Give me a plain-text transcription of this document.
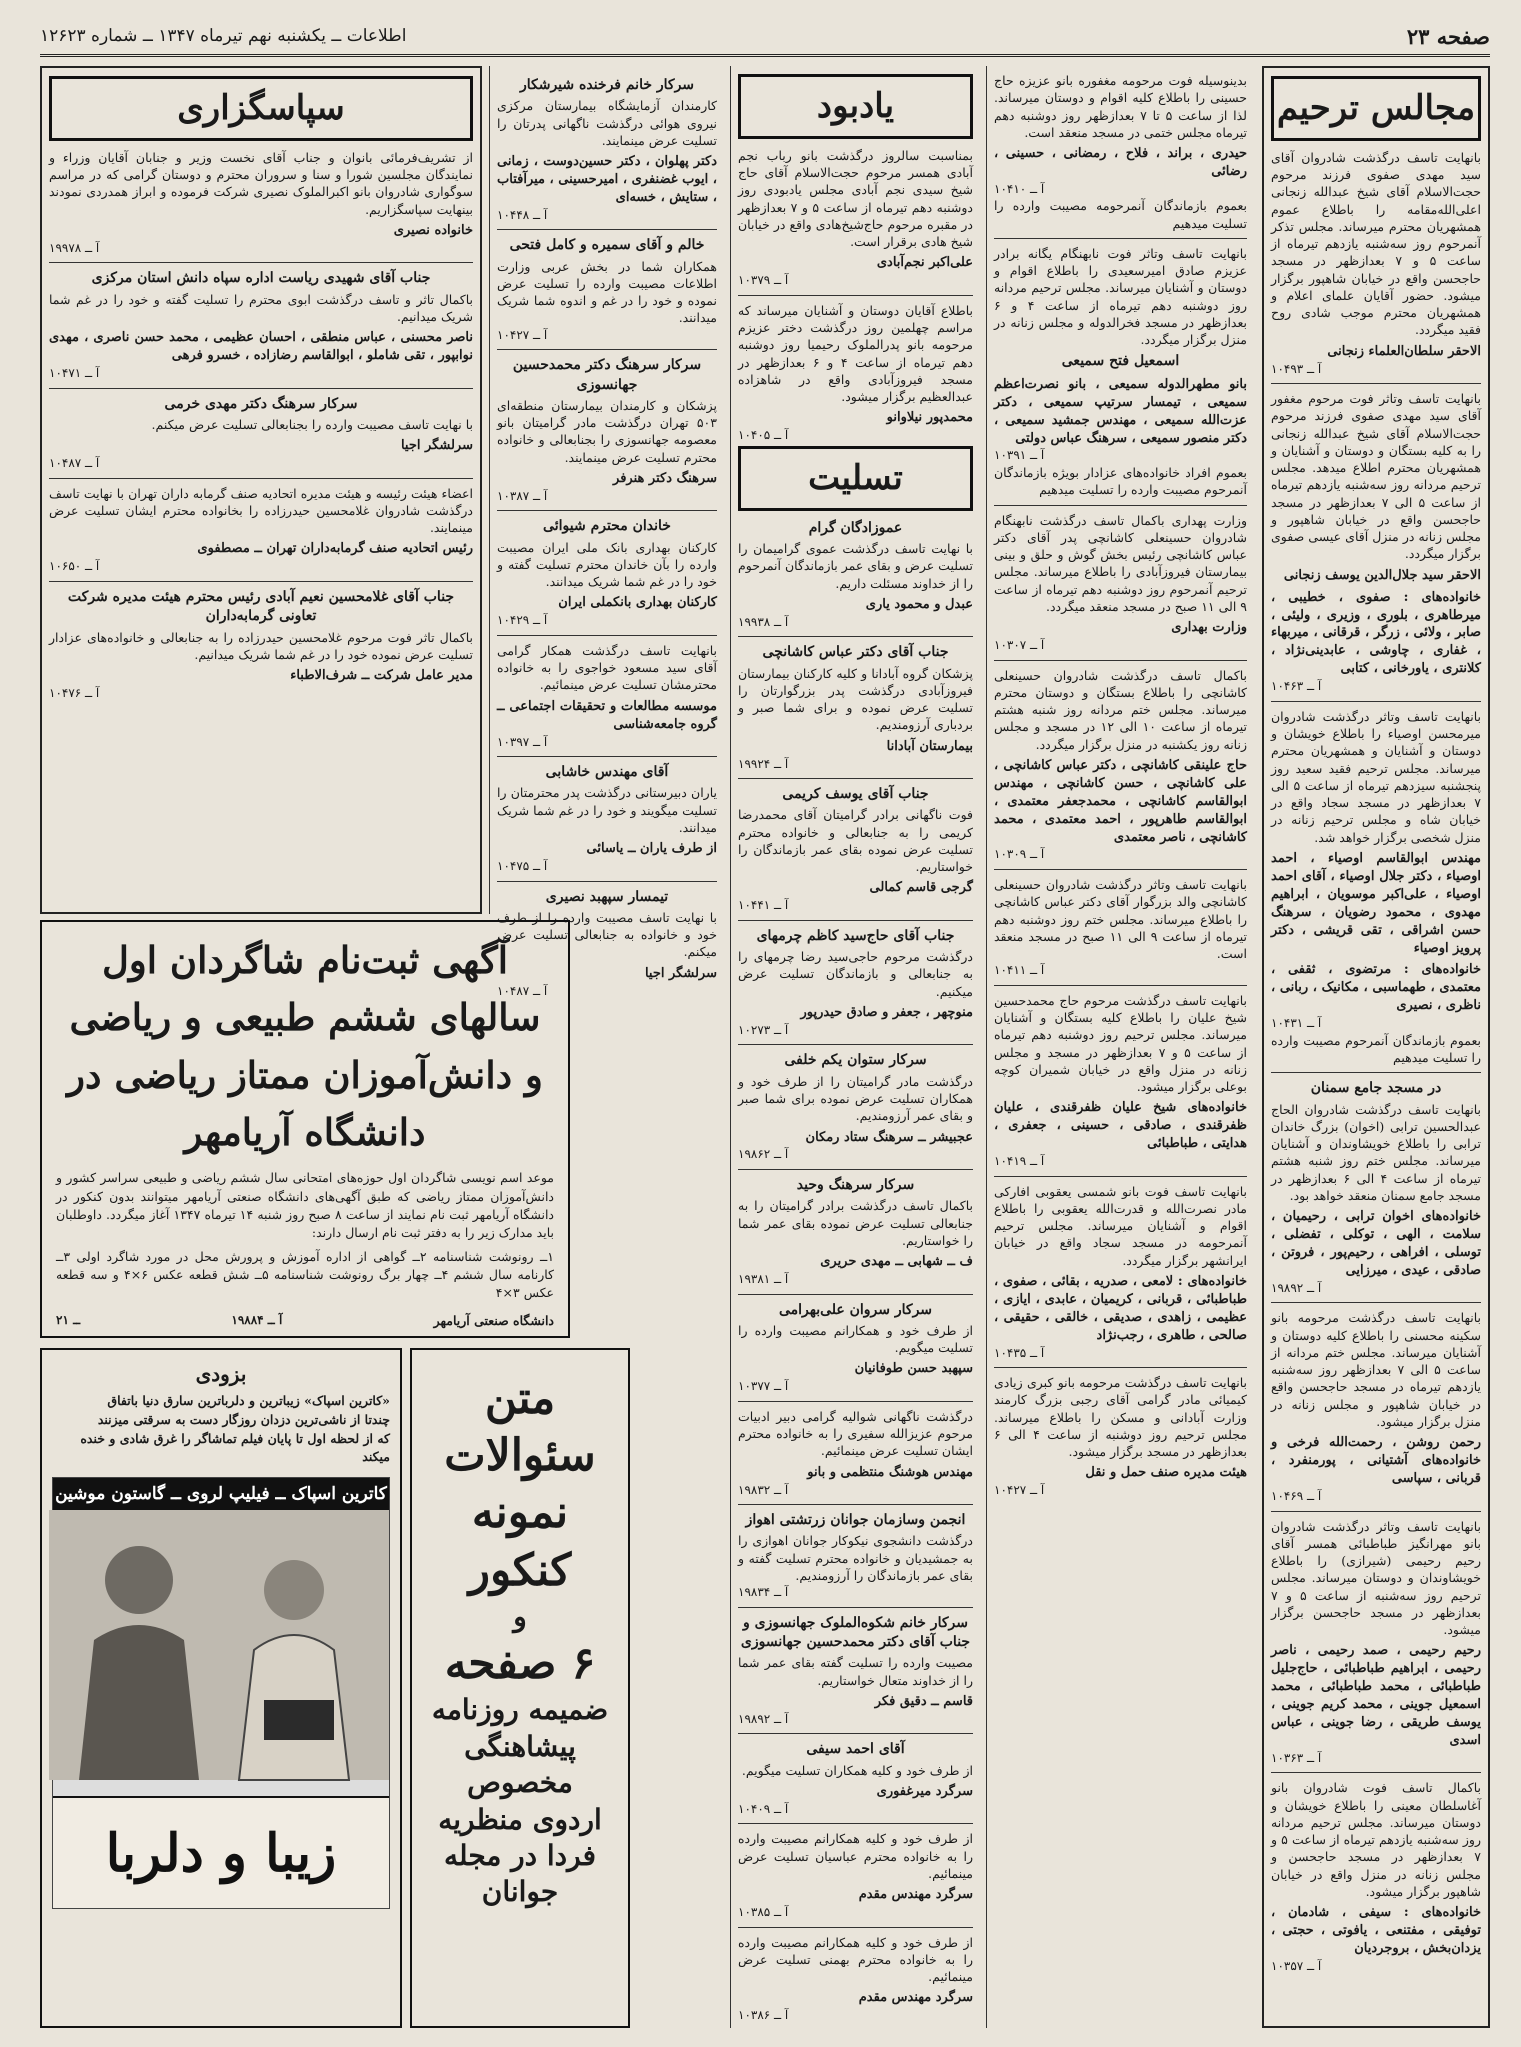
صفحه ۲۳
اطلاعات ــ یکشنبه نهم تیرماه ۱۳۴۷ ــ شماره ۱۲۶۲۳
مجالس ترحیم
بانهایت تاسف درگذشت شادروان آقای سید مهدی صفوی فرزند مرحوم حجت‌الاسلام آقای شیخ عبدالله زنجانی اعلی‌الله‌مقامه را باطلاع عموم همشهریان محترم میرساند. مجلس تذکر آنمرحوم روز سه‌شنبه یازدهم تیرماه از ساعت ۵ و ۷ بعدازظهر در مسجد حاجحسن واقع در خیابان شاهپور برگزار میشود. حضور آقایان علمای اعلام و همشهریان محترم موجب شادی روح فقید میگردد.
الاحقر سلطان‌العلماء زنجانی
آ ــ ۱۰۴۹۳
بانهایت تاسف وتاثر فوت مرحوم مغفور آقای سید مهدی صفوی فرزند مرحوم حجت‌الاسلام آقای شیخ عبدالله زنجانی را به کلیه بستگان و دوستان و آشنایان و همشهریان محترم اطلاع میدهد. مجلس ترحیم مردانه روز سه‌شنبه یازدهم تیرماه از ساعت ۵ الی ۷ بعدازظهر در مسجد حاجحسن واقع در خیابان شاهپور و مجلس زنانه در منزل آقای عیسی صفوی برگزار میگردد.
الاحقر سید جلال‌الدین یوسف زنجانی
خانواده‌های : صفوی ، خطیبی ، میرطاهری ، بلوری ، وزیری ، ولیئی ، صابر ، ولائی ، زرگر ، قرقانی ، میربهاء ، غفاری ، چاوشی ، عابدینی‌نژاد ، کلانتری ، یاورخانی ، کتابی
آ ــ ۱۰۴۶۳
بانهایت تاسف وتاثر درگذشت شادروان میرمحسن اوصیاء را باطلاع خویشان و دوستان و آشنایان و همشهریان محترم میرساند. مجلس ترحیم فقید سعید روز پنجشنبه سیزدهم تیرماه از ساعت ۵ الی ۷ بعدازظهر در مسجد سجاد واقع در خیابان شاه و مجلس ترحیم زنانه در منزل شخصی برگزار خواهد شد.
مهندس ابوالقاسم اوصیاء ، احمد اوصیاء ، دکتر جلال اوصیاء ، آقای احمد اوصیاء ، علی‌اکبر موسویان ، ابراهیم مهدوی ، محمود رضویان ، سرهنگ حسن اشراقی ، تقی قریشی ، دکتر پرویز اوصیاء
خانواده‌های : مرتضوی ، ثقفی ، معتمدی ، طهماسبی ، مکانیک ، ربانی ، ناظری ، نصیری
آ ــ ۱۰۴۳۱
بعموم بازماندگان آنمرحوم مصیبت وارده را تسلیت میدهیم
در مسجد جامع سمنان
بانهایت تاسف درگذشت شادروان الحاج عبدالحسین ترابی (اخوان) بزرگ خاندان ترابی را باطلاع خویشاوندان و آشنایان میرساند. مجلس ختم روز شنبه هشتم تیرماه از ساعت ۴ الی ۶ بعدازظهر در مسجد جامع سمنان منعقد خواهد بود.
خانواده‌های اخوان ترابی ، رحیمیان ، سلامت ، الهی ، توکلی ، تفضلی ، توسلی ، افراهی ، رحیم‌پور ، فروتن ، صادقی ، عیدی ، میرزایی
آ ــ ۱۹۸۹۲
بانهایت تاسف درگذشت مرحومه بانو سکینه محسنی را باطلاع کلیه دوستان و آشنایان میرساند. مجلس ختم مردانه از ساعت ۵ الی ۷ بعدازظهر روز سه‌شنبه یازدهم تیرماه در مسجد حاجحسن واقع در خیابان شاهپور و مجلس زنانه در منزل برگزار میشود.
رحمن روشن ، رحمت‌الله فرخی و خانواده‌های آشتیانی ، پورمنفرد ، قربانی ، سپاسی
آ ــ ۱۰۴۶۹
بانهایت تاسف وتاثر درگذشت شادروان بانو مهرانگیز طباطبائی همسر آقای رحیم رحیمی (شیرازی) را باطلاع خویشاوندان و دوستان میرساند. مجلس ترحیم روز سه‌شنبه از ساعت ۵ و ۷ بعدازظهر در مسجد حاجحسن برگزار میشود.
رحیم رحیمی ، صمد رحیمی ، ناصر رحیمی ، ابراهیم طباطبائی ، حاج‌جلیل طباطبائی ، محمد طباطبائی ، محمد اسمعیل جوینی ، محمد کریم جوینی ، یوسف طریقی ، رضا جوینی ، عباس اسدی
آ ــ ۱۰۳۶۳
باکمال تاسف فوت شادروان بانو آغاسلطان معینی را باطلاع خویشان و دوستان میرساند. مجلس ترحیم مردانه روز سه‌شنبه یازدهم تیرماه از ساعت ۵ و ۷ بعدازظهر در مسجد حاجحسن و مجلس زنانه در منزل واقع در خیابان شاهپور برگزار میشود.
خانواده‌های : سیفی ، شادمان ، توفیقی ، مفتنعی ، یافوتی ، حجتی ، یزدان‌بخش ، بروجردیان
آ ــ ۱۰۳۵۷
بدینوسیله فوت مرحومه مغفوره بانو عزیزه حاج حسینی را باطلاع کلیه اقوام و دوستان میرساند. لذا از ساعت ۵ تا ۷ بعدازظهر روز دوشنبه دهم تیرماه مجلس ختمی در مسجد منعقد است.
حیدری ، براند ، فلاح ، رمضانی ، حسینی ، رضائی
آ ــ ۱۰۴۱۰
بعموم بازماندگان آنمرحومه مصیبت وارده را تسلیت میدهیم
بانهایت تاسف وتاثر فوت نابهنگام یگانه برادر عزیزم صادق امیرسعیدی را باطلاع اقوام و دوستان و آشنایان میرساند. مجلس ترحیم مردانه روز دوشنبه دهم تیرماه از ساعت ۴ و ۶ بعدازظهر در مسجد فخرالدوله و مجلس زنانه در منزل برگزار میگردد.
اسمعیل فتح سمیعی
بانو مطهرالدوله سمیعی ، بانو نصرت‌اعظم سمیعی ، تیمسار سرتیپ سمیعی ، دکتر عزت‌الله سمیعی ، مهندس جمشید سمیعی ، دکتر منصور سمیعی ، سرهنگ عباس دولتی
آ ــ ۱۰۳۹۱
بعموم افراد خانواده‌های عزادار بویژه بازماندگان آنمرحوم مصیبت وارده را تسلیت میدهیم
وزارت پهداری باکمال تاسف درگذشت نابهنگام شادروان حسینعلی کاشانچی پدر آقای دکتر عباس کاشانچی رئیس بخش گوش و حلق و بینی بیمارستان فیروزآبادی را باطلاع میرساند. مجلس ترحیم آنمرحوم روز دوشنبه دهم تیرماه از ساعت ۹ الی ۱۱ صبح در مسجد منعقد میگردد.
وزارت بهداری
آ ــ ۱۰۳۰۷
باکمال تاسف درگذشت شادروان حسینعلی کاشانچی را باطلاع بستگان و دوستان محترم میرساند. مجلس ختم مردانه روز شنبه هشتم تیرماه از ساعت ۱۰ الی ۱۲ در مسجد و مجلس زنانه روز یکشنبه در منزل برگزار میگردد.
حاج علینقی کاشانچی ، دکتر عباس کاشانچی ، علی کاشانچی ، حسن کاشانچی ، مهندس ابوالقاسم کاشانچی ، محمدجعفر معتمدی ، ابوالقاسم طاهرپور ، احمد معتمدی ، محمد کاشانچی ، ناصر معتمدی
آ ــ ۱۰۳۰۹
بانهایت تاسف وتاثر درگذشت شادروان حسینعلی کاشانچی والد بزرگوار آقای دکتر عباس کاشانچی را باطلاع میرساند. مجلس ختم روز دوشنبه دهم تیرماه از ساعت ۹ الی ۱۱ صبح در مسجد منعقد است.
آ ــ ۱۰۴۱۱
بانهایت تاسف درگذشت مرحوم حاج محمدحسین شیخ علیان را باطلاع کلیه بستگان و آشنایان میرساند. مجلس ترحیم روز دوشنبه دهم تیرماه از ساعت ۵ و ۷ بعدازظهر در مسجد و مجلس زنانه در منزل واقع در خیابان شمیران کوچه بوعلی برگزار میشود.
خانواده‌های شیخ علیان ظفرقندی ، علیان ظفرقندی ، صادقی ، حسینی ، جعفری ، هدایتی ، طباطبائی
آ ــ ۱۰۴۱۹
بانهایت تاسف فوت بانو شمسی یعقوبی افارکی مادر نصرت‌الله و قدرت‌الله یعقوبی را باطلاع اقوام و آشنایان میرساند. مجلس ترحیم آنمرحومه در مسجد سجاد واقع در خیابان ایرانشهر برگزار میگردد.
خانواده‌های : لامعی ، صدریه ، بقائی ، صفوی ، طباطبائی ، قربانی ، کریمیان ، عابدی ، ایازی ، عظیمی ، زاهدی ، صدیقی ، خالقی ، حقیقی ، صالحی ، طاهری ، رجب‌نژاد
آ ــ ۱۰۴۳۵
بانهایت تاسف درگذشت مرحومه بانو کبری زیادی کیمیائی مادر گرامی آقای رجبی بزرگ کارمند وزارت آبادانی و مسکن را باطلاع میرساند. مجلس ترحیم روز دوشنبه از ساعت ۴ الی ۶ بعدازظهر در مسجد برگزار میشود.
هیئت مدیره صنف حمل و نقل
آ ــ ۱۰۴۲۷
یادبود
بمناسبت سالروز درگذشت بانو رباب نجم آبادی همسر مرحوم حجت‌الاسلام آقای حاج شیخ سیدی نجم آبادی مجلس یادبودی روز دوشنبه دهم تیرماه از ساعت ۵ و ۷ بعدازظهر در مقبره مرحوم حاج‌شیخ‌هادی واقع در خیابان شیخ هادی برقرار است.
علی‌اکبر نجم‌آبادی
آ ــ ۱۰۳۷۹
باطلاع آقایان دوستان و آشنایان میرساند که مراسم چهلمین روز درگذشت دختر عزیزم مرحومه بانو پدرالملوک رحیمیا روز دوشنبه دهم تیرماه از ساعت ۴ و ۶ بعدازظهر در مسجد فیروزآبادی واقع در شاهزاده عبدالعظیم برگزار میشود.
محمدپور نیلاوانو
آ ــ ۱۰۴۰۵
تسلیت
عموزادگان گرام
با نهایت تاسف درگذشت عموی گرامیمان را تسلیت عرض و بقای عمر بازماندگان آنمرحوم را از خداوند مسئلت داریم.
عبدل و محمود یاری
آ ــ ۱۹۹۳۸
جناب آقای دکتر عباس کاشانچی
پزشکان گروه آبادانا و کلیه کارکنان بیمارستان فیروزآبادی درگذشت پدر بزرگوارتان را تسلیت عرض نموده و برای شما صبر و بردباری آرزومندیم.
بیمارستان آبادانا
آ ــ ۱۹۹۲۴
جناب آقای یوسف کریمی
فوت ناگهانی برادر گرامیتان آقای محمدرضا کریمی را به جنابعالی و خانواده محترم تسلیت عرض نموده بقای عمر بازماندگان را خواستاریم.
گرجی قاسم کمالی
آ ــ ۱۰۴۴۱
جناب آقای حاج‌سید کاظم چرمهای
درگذشت مرحوم حاجی‌سید رضا چرمهای را به جنابعالی و بازماندگان تسلیت عرض میکنیم.
منوچهر ، جعفر و صادق حیدرپور
آ ــ ۱۰۲۷۳
سرکار ستوان یکم خلفی
درگذشت مادر گرامیتان را از طرف خود و همکاران تسلیت عرض نموده برای شما صبر و بقای عمر آرزومندیم.
عجبیشر ــ سرهنگ ستاد رمکان
آ ــ ۱۹۸۶۲
سرکار سرهنگ وحید
باکمال تاسف درگذشت برادر گرامیتان را به جنابعالی تسلیت عرض نموده بقای عمر شما را خواستاریم.
ف ــ شهابی ــ مهدی حریری
آ ــ ۱۹۳۸۱
سرکار سروان علی‌بهرامی
از طرف خود و همکارانم مصیبت وارده را تسلیت میگویم.
سپهبد حسن طوفانیان
آ ــ ۱۰۳۷۷
درگذشت ناگهانی شوالیه گرامی دبیر ادبیات مرحوم عزیزالله سفیری را به خانواده محترم ایشان تسلیت عرض مینمائیم.
مهندس هوشنگ منتظمی و بانو
آ ــ ۱۹۸۳۲
انجمن وسازمان جوانان زرتشتی اهواز
درگذشت دانشجوی نیکوکار جوانان اهوازی را به جمشیدیان و خانواده محترم تسلیت گفته و بقای عمر بازماندگان را آرزومندیم.
آ ــ ۱۹۸۳۴
سرکار خانم شکوه‌الملوک جهانسوزی و جناب آقای دکتر محمدحسین جهانسوزی
مصیبت وارده را تسلیت گفته بقای عمر شما را از خداوند متعال خواستاریم.
قاسم ــ دقیق فکر
آ ــ ۱۹۸۹۲
آقای احمد سیفی
از طرف خود و کلیه همکاران تسلیت میگویم.
سرگرد میرغفوری
آ ــ ۱۰۴۰۹
از طرف خود و کلیه همکارانم مصیبت وارده را به خانواده محترم عباسیان تسلیت عرض مینمائیم.
سرگرد مهندس مقدم
آ ــ ۱۰۳۸۵
از طرف خود و کلیه همکارانم مصیبت وارده را به خانواده محترم بهمنی تسلیت عرض مینمائیم.
سرگرد مهندس مقدم
آ ــ ۱۰۳۸۶
سرکار خانم فرخنده شیرشکار
کارمندان آزمایشگاه بیمارستان مرکزی نیروی هوائی درگذشت ناگهانی پدرتان را تسلیت عرض مینمایند.
دکتر پهلوان ، دکتر حسین‌دوست ، زمانی ، ایوب غضنفری ، امیرحسینی ، میرآفتاب ، ستایش ، خسه‌ای
آ ــ ۱۰۴۴۸
خالم و آقای سمیره و کامل فتحی
همکاران شما در بخش عربی وزارت اطلاعات مصیبت وارده را تسلیت عرض نموده و خود را در غم و اندوه شما شریک میدانند.
آ ــ ۱۰۴۲۷
سرکار سرهنگ دکتر محمدحسین جهانسوزی
پزشکان و کارمندان بیمارستان منطقه‌ای ۵۰۳ تهران درگذشت مادر گرامیتان بانو معصومه جهانسوزی را بجنابعالی و خانواده محترم تسلیت عرض مینمایند.
سرهنگ دکتر هنرفر
آ ــ ۱۰۳۸۷
خاندان محترم شیوائی
کارکنان بهداری بانک ملی ایران مصیبت وارده را بآن خاندان محترم تسلیت گفته و خود را در غم شما شریک میدانند.
کارکنان بهداری بانکملی ایران
آ ــ ۱۰۴۲۹
بانهایت تاسف درگذشت همکار گرامی آقای سید مسعود خواجوی را به خانواده محترمشان تسلیت عرض مینمائیم.
موسسه مطالعات و تحقیقات اجتماعی ــ گروه جامعه‌شناسی
آ ــ ۱۰۳۹۷
آقای مهندس خاشابی
یاران دبیرستانی درگذشت پدر محترمتان را تسلیت میگویند و خود را در غم شما شریک میدانند.
از طرف یاران ــ یاسائی
آ ــ ۱۰۴۷۵
تیمسار سپهبد نصیری
با نهایت تاسف مصیبت وارده را از طرف خود و خانواده به جنابعالی تسلیت عرض میکنم.
سرلشگر اجیا
آ ــ ۱۰۴۸۷
سپاسگزاری
از تشریف‌فرمائی بانوان و جناب آقای نخست وزیر و جنابان آقایان وزراء و نمایندگان مجلسین شورا و سنا و سروران محترم و دوستان گرامی که در مراسم سوگواری شادروان بانو اکبرالملوک نصیری شرکت فرموده و ابراز همدردی نمودند بینهایت سپاسگزاریم.
خانواده نصیری
آ ــ ۱۹۹۷۸
جناب آقای شهیدی ریاست اداره سپاه دانش استان مرکزی
باکمال تاثر و تاسف درگذشت ابوی محترم را تسلیت گفته و خود را در غم شما شریک میدانیم.
ناصر محسنی ، عباس منطقی ، احسان عظیمی ، محمد حسن ناصری ، مهدی نوابپور ، تقی شاملو ، ابوالقاسم رضازاده ، خسرو فرهی
آ ــ ۱۰۴۷۱
سرکار سرهنگ دکتر مهدی خرمی
با نهایت تاسف مصیبت وارده را بجنابعالی تسلیت عرض میکنم.
سرلشگر اجیا
آ ــ ۱۰۴۸۷
اعضاء هیئت رئیسه و هیئت مدیره اتحادیه صنف گرمابه داران تهران با نهایت تاسف درگذشت شادروان غلامحسین حیدرزاده را بخانواده محترم ایشان تسلیت عرض مینمایند.
رئیس اتحادیه صنف گرمابه‌داران تهران ــ مصطفوی
آ ــ ۱۰۶۵۰
جناب آقای غلامحسین نعیم آبادی رئیس محترم هیئت مدیره شرکت تعاونی گرمابه‌داران
باکمال تاثر فوت مرحوم غلامحسین حیدرزاده را به جنابعالی و خانواده‌های عزادار تسلیت عرض نموده خود را در غم شما شریک میدانیم.
مدیر عامل شرکت ــ شرف‌الاطباء
آ ــ ۱۰۴۷۶
آگهی ثبت‌نام شاگردان اول سالهای ششم طبیعی و ریاضی و دانش‌آموزان ممتاز ریاضی در دانشگاه آریامهر
موعد اسم نویسی شاگردان اول حوزه‌های امتحانی سال ششم ریاضی و طبیعی سراسر کشور و دانش‌آموزان ممتاز ریاضی که طبق آگهی‌های دانشگاه صنعتی آریامهر میتوانند بدون کنکور در دانشگاه آریامهر ثبت نام نمایند از ساعت ۸ صبح روز شنبه ۱۴ تیرماه ۱۳۴۷ آغاز میگردد. داوطلبان باید مدارک زیر را به دفتر ثبت نام ارسال دارند:
۱ــ رونوشت شناسنامه ۲ــ گواهی از اداره آموزش و پرورش محل در مورد شاگرد اولی ۳ــ کارنامه سال ششم ۴ــ چهار برگ رونوشت شناسنامه ۵ــ شش قطعه عکس ۶×۴ و سه قطعه عکس ۳×۴
دانشگاه صنعتی آریامهر
آ ــ ۱۹۸۸۴
۲ــ ۱
بزودی
«کاترین اسپاک» زیباترین و دلرباترین سارق دنیا باتفاق
چندتا از ناشی‌ترین دزدان روزگار دست به سرقتی میزنند
که از لحظه اول تا پایان فیلم تماشاگر را غرق شادی و خنده
میکند
کاترین اسپاک ــ فیلیپ لروی ــ گاستون موشین
زیبا و دلربا
متن
سئوالات
نمونه
کنکور
و
۶ صفحه
ضمیمه روزنامه
پیشاهنگی
مخصوص
اردوی منظریه
فردا در مجله
جوانان
